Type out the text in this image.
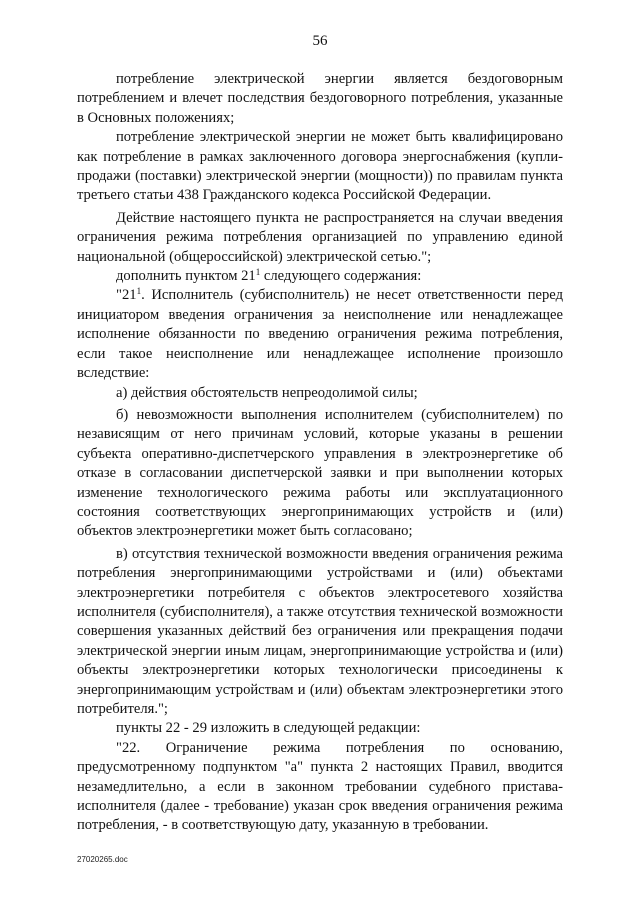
56

потребление электрической энергии является бездоговорным потреблением и влечет последствия бездоговорного потребления, указанные в Основных положениях;

потребление электрической энергии не может быть квалифицировано как потребление в рамках заключенного договора энергоснабжения (купли-продажи (поставки) электрической энергии (мощности)) по правилам пункта третьего статьи 438 Гражданского кодекса Российской Федерации.

Действие настоящего пункта не распространяется на случаи введения ограничения режима потребления организацией по управлению единой национальной (общероссийской) электрической сетью.";

дополнить пунктом $21^1$ следующего содержания:

"$21^1$. Исполнитель (субисполнитель) не несет ответственности перед инициатором введения ограничения за неисполнение или ненадлежащее исполнение обязанности по введению ограничения режима потребления, если такое неисполнение или ненадлежащее исполнение произошло вследствие:

а) действия обстоятельств непреодолимой силы;

б) невозможности выполнения исполнителем (субисполнителем) по независящим от него причинам условий, которые указаны в решении субъекта оперативно-диспетчерского управления в электроэнергетике об отказе в согласовании диспетчерской заявки и при выполнении которых изменение технологического режима работы или эксплуатационного состояния соответствующих энергопринимающих устройств и (или) объектов электроэнергетики может быть согласовано;

в) отсутствия технической возможности введения ограничения режима потребления энергопринимающими устройствами и (или) объектами электроэнергетики потребителя с объектов электросетевого хозяйства исполнителя (субисполнителя), а также отсутствия технической возможности совершения указанных действий без ограничения или прекращения подачи электрической энергии иным лицам, энергопринимающие устройства и (или) объекты электроэнергетики которых технологически присоединены к энергопринимающим устройствам и (или) объектам электроэнергетики этого потребителя.";

пункты 22 - 29 изложить в следующей редакции:

"22. Ограничение режима потребления по основанию, предусмотренному подпунктом "а" пункта 2 настоящих Правил, вводится незамедлительно, а если в законном требовании судебного пристава-исполнителя (далее - требование) указан срок введения ограничения режима потребления, - в соответствующую дату, указанную в требовании.

27020265.doc
